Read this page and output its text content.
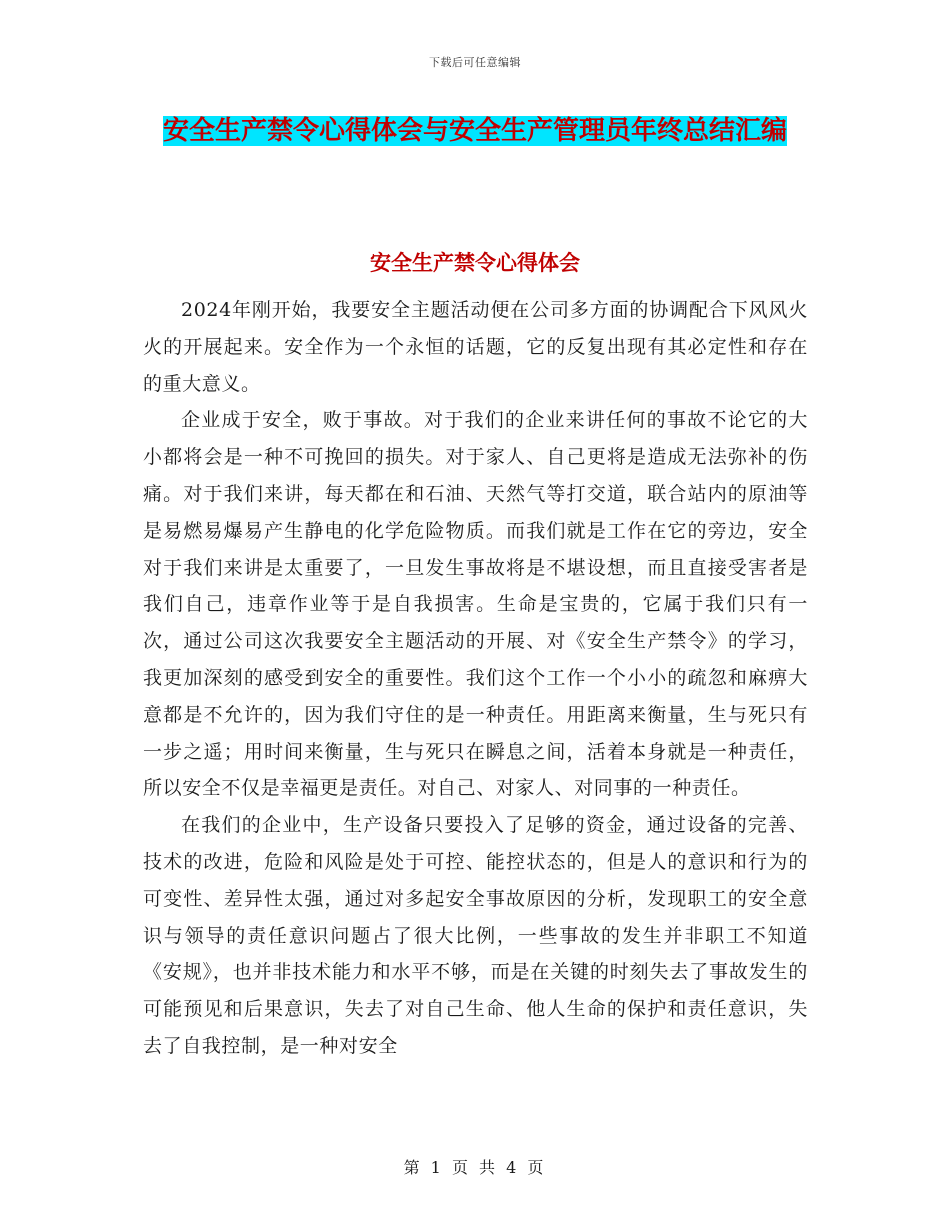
下载后可任意编辑
安全生产禁令心得体会与安全生产管理员年终总结汇编
安全生产禁令心得体会

2024年刚开始，我要安全主题活动便在公司多方面的协调配合下风风火火的开展起来。安全作为一个永恒的话题，它的反复出现有其必定性和存在的重大意义。

企业成于安全，败于事故。对于我们的企业来讲任何的事故不论它的大小都将会是一种不可挽回的损失。对于家人、自己更将是造成无法弥补的伤痛。对于我们来讲，每天都在和石油、天然气等打交道，联合站内的原油等是易燃易爆易产生静电的化学危险物质。而我们就是工作在它的旁边，安全对于我们来讲是太重要了，一旦发生事故将是不堪设想，而且直接受害者是我们自己，违章作业等于是自我损害。生命是宝贵的，它属于我们只有一次，通过公司这次我要安全主题活动的开展、对《安全生产禁令》的学习，我更加深刻的感受到安全的重要性。我们这个工作一个小小的疏忽和麻痹大意都是不允许的，因为我们守住的是一种责任。用距离来衡量，生与死只有一步之遥；用时间来衡量，生与死只在瞬息之间，活着本身就是一种责任，所以安全不仅是幸福更是责任。对自己、对家人、对同事的一种责任。

在我们的企业中，生产设备只要投入了足够的资金，通过设备的完善、技术的改进，危险和风险是处于可控、能控状态的，但是人的意识和行为的可变性、差异性太强，通过对多起安全事故原因的分析，发现职工的安全意识与领导的责任意识问题占了很大比例，一些事故的发生并非职工不知道《安规》，也并非技术能力和水平不够，而是在关键的时刻失去了事故发生的可能预见和后果意识，失去了对自己生命、他人生命的保护和责任意识，失去了自我控制，是一种对安全

第 1 页 共 4 页
